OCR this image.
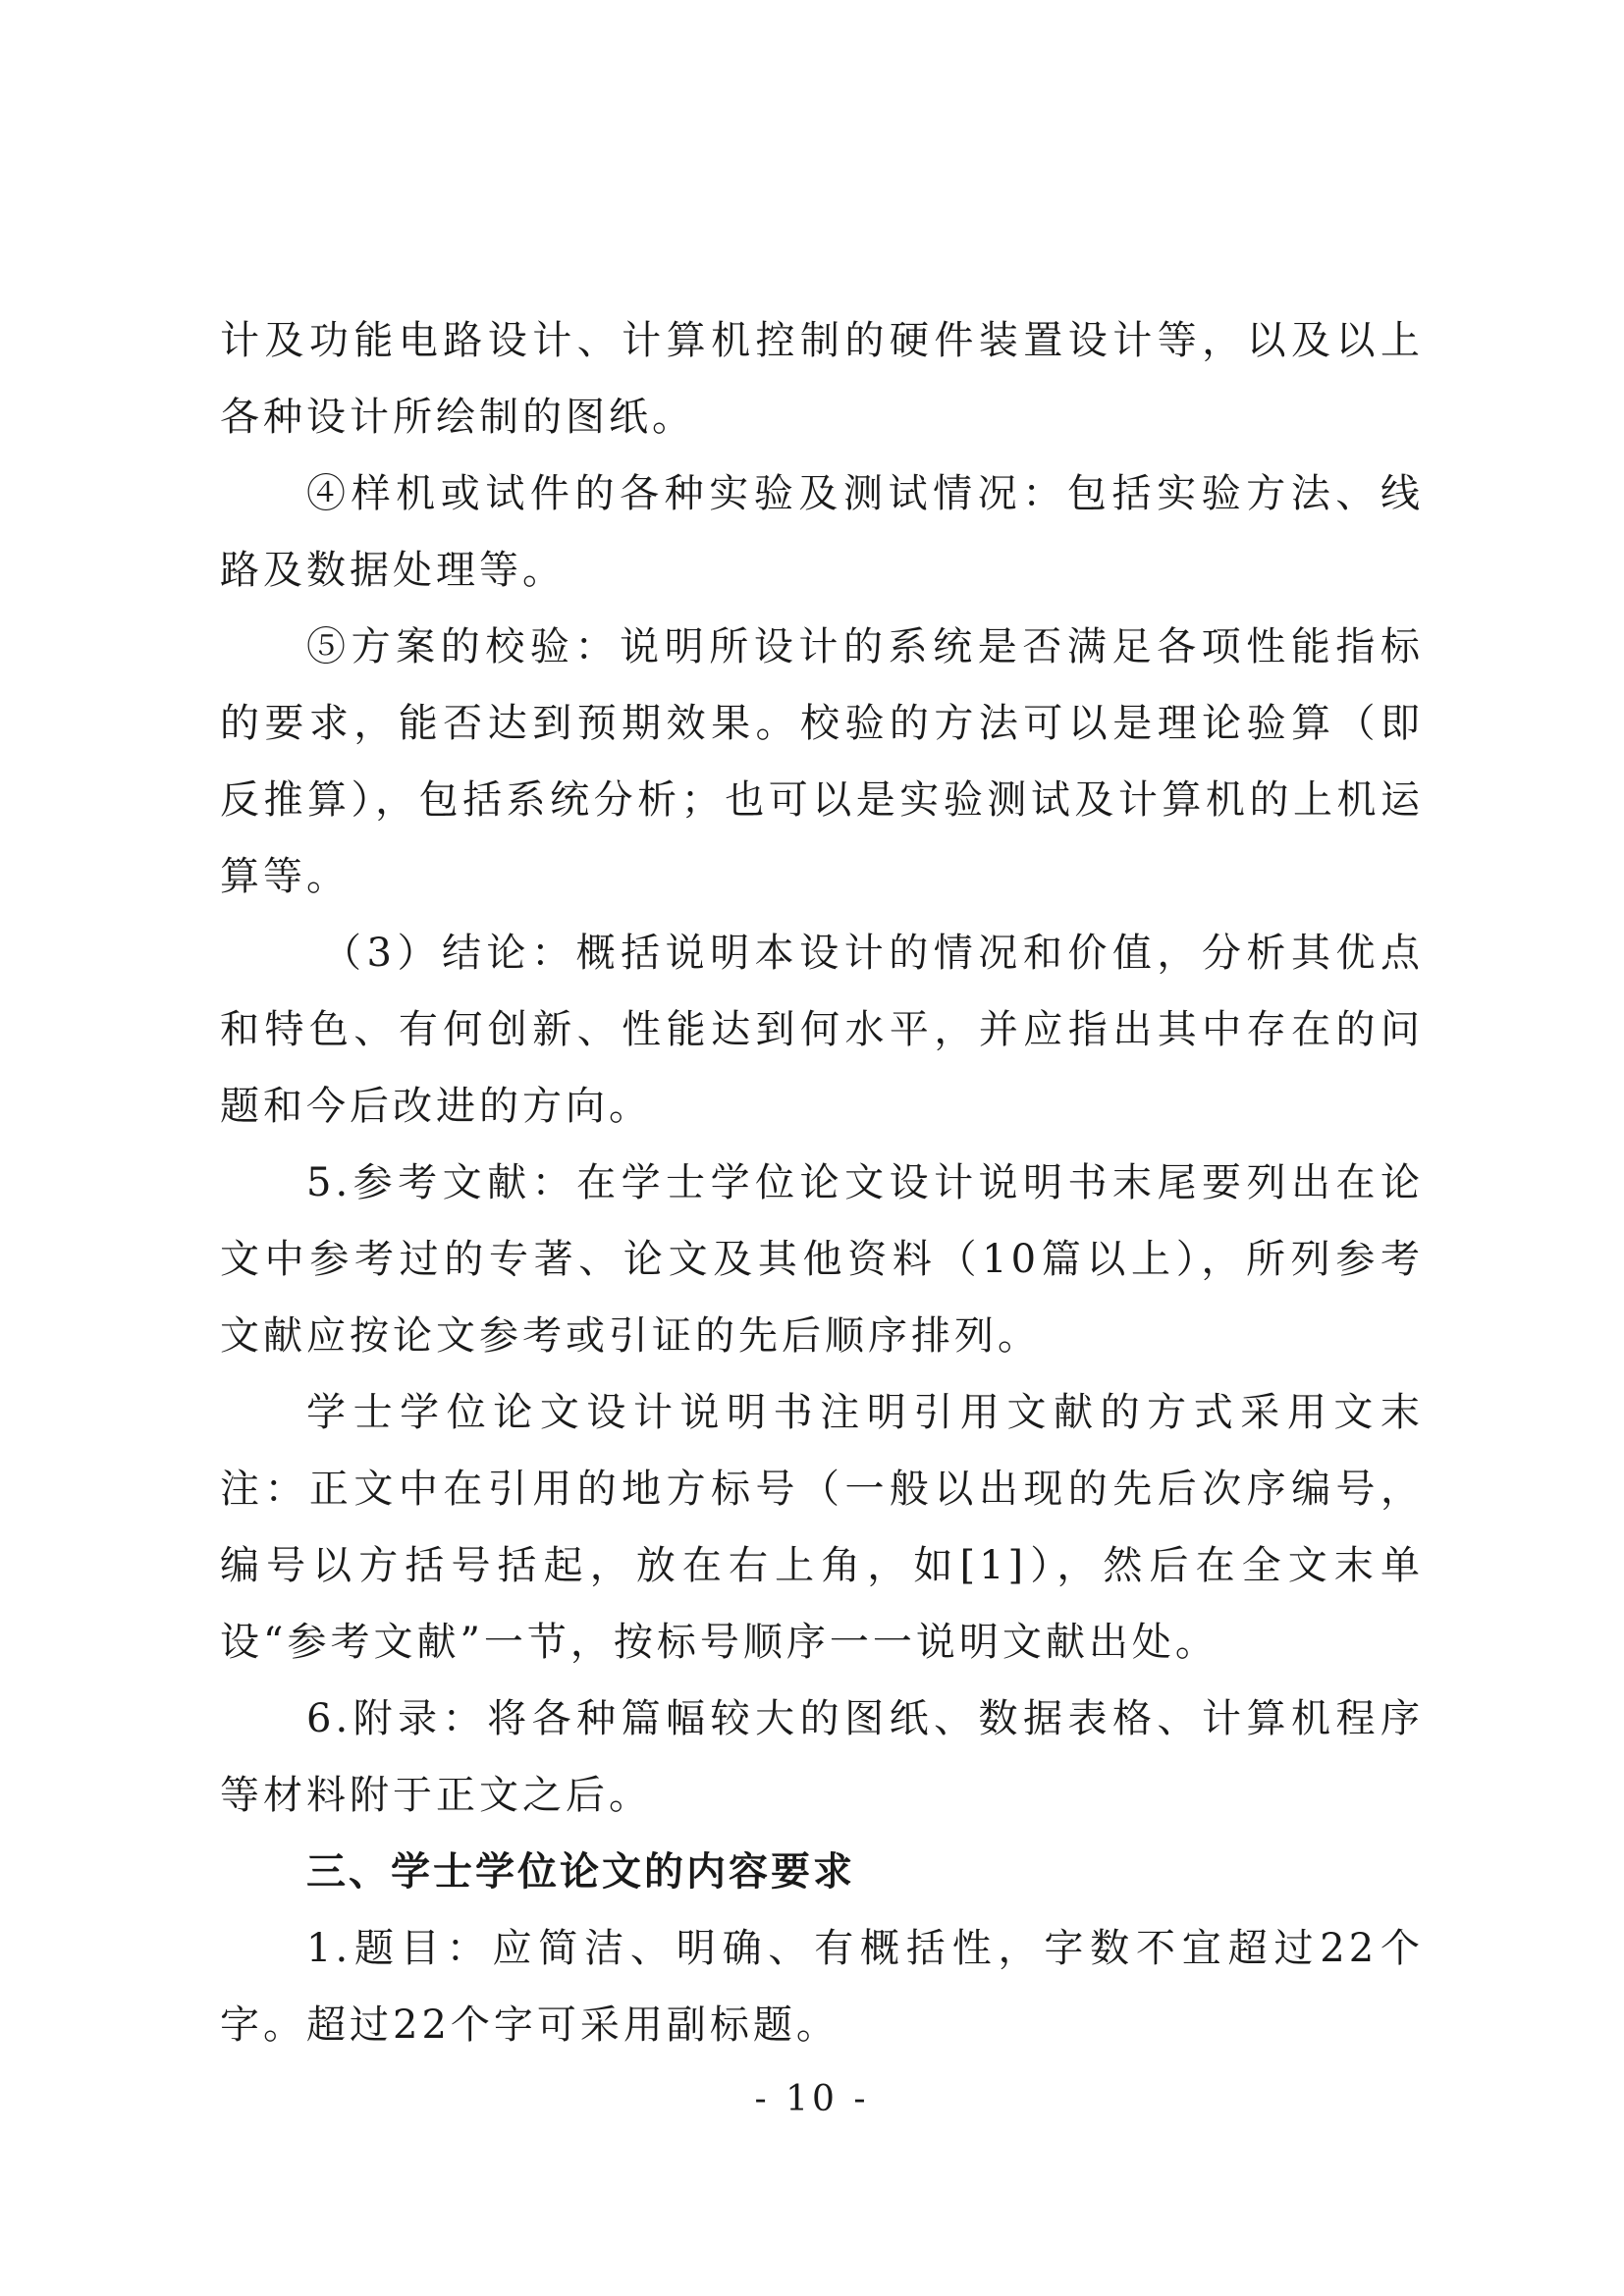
计及功能电路设计、计算机控制的硬件装置设计等，以及以上各种设计所绘制的图纸。

④样机或试件的各种实验及测试情况：包括实验方法、线路及数据处理等。

⑤方案的校验：说明所设计的系统是否满足各项性能指标的要求，能否达到预期效果。校验的方法可以是理论验算（即反推算），包括系统分析；也可以是实验测试及计算机的上机运算等。

（3）结论：概括说明本设计的情况和价值，分析其优点和特色、有何创新、性能达到何水平，并应指出其中存在的问题和今后改进的方向。

5.参考文献：在学士学位论文设计说明书末尾要列出在论文中参考过的专著、论文及其他资料（10篇以上），所列参考文献应按论文参考或引证的先后顺序排列。

学士学位论文设计说明书注明引用文献的方式采用文末注：正文中在引用的地方标号（一般以出现的先后次序编号，编号以方括号括起，放在右上角，如[1]），然后在全文末单设“参考文献”一节，按标号顺序一一说明文献出处。

6.附录：将各种篇幅较大的图纸、数据表格、计算机程序等材料附于正文之后。

三、学士学位论文的内容要求

1.题目：应简洁、明确、有概括性，字数不宜超过22个字。超过22个字可采用副标题。

- 10 -
